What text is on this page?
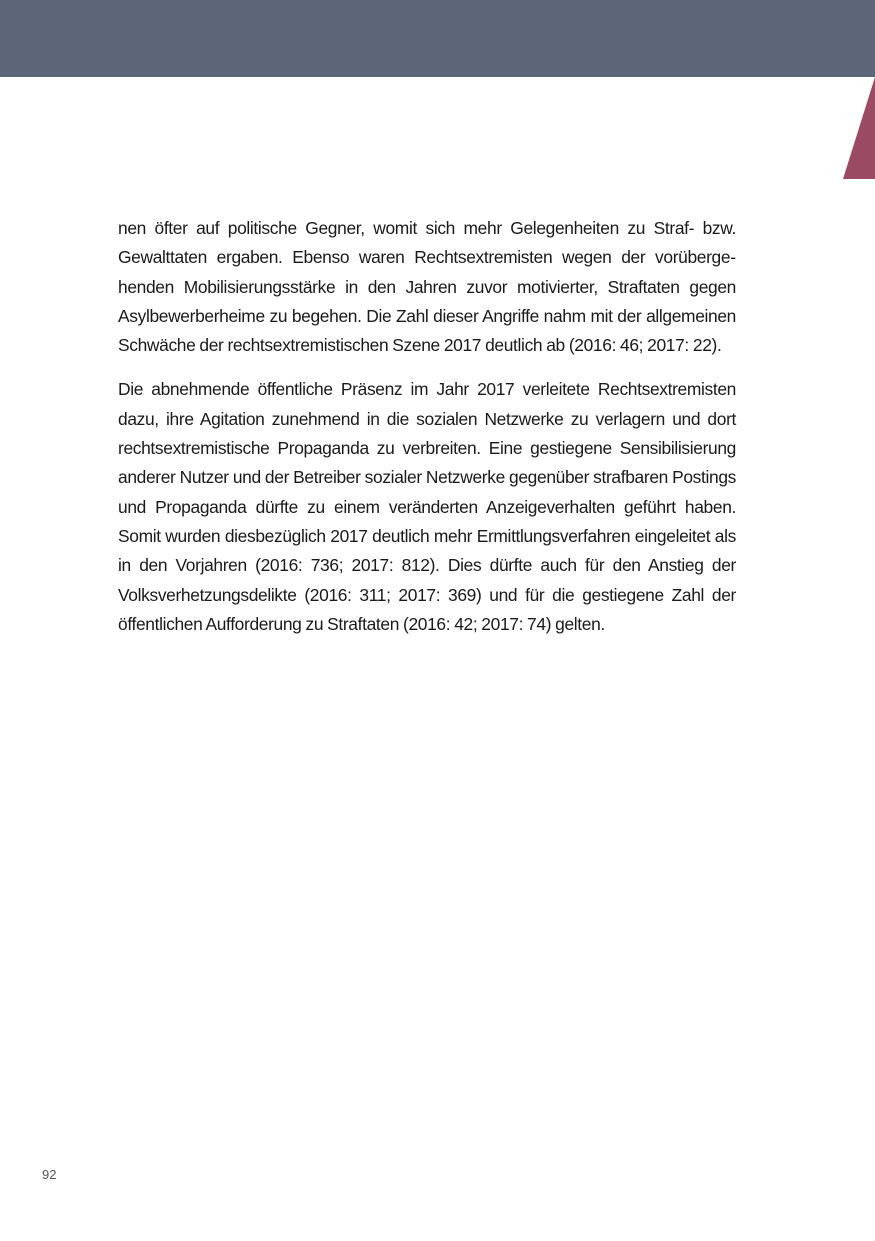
nen öfter auf politische Gegner, womit sich mehr Gelegenheiten zu Straf- bzw. Gewalttaten ergaben. Ebenso waren Rechtsextremisten wegen der vorübergehenden Mobilisierungsstärke in den Jahren zuvor motivierter, Straftaten gegen Asylbewerberheime zu begehen. Die Zahl dieser Angriffe nahm mit der allgemeinen Schwäche der rechtsextremistischen Szene 2017 deutlich ab (2016: 46; 2017: 22).

Die abnehmende öffentliche Präsenz im Jahr 2017 verleitete Rechtsextremisten dazu, ihre Agitation zunehmend in die sozialen Netzwerke zu verlagern und dort rechtsextremistische Propaganda zu verbreiten. Eine gestiegene Sensibilisierung anderer Nutzer und der Betreiber sozialer Netzwerke gegenüber strafbaren Postings und Propaganda dürfte zu einem veränderten Anzeigeverhalten geführt haben. Somit wurden diesbezüglich 2017 deutlich mehr Ermittlungsverfahren eingeleitet als in den Vorjahren (2016: 736; 2017: 812). Dies dürfte auch für den Anstieg der Volksverhetzungsdelikte (2016: 311; 2017: 369) und für die gestiegene Zahl der öffentlichen Aufforderung zu Straftaten (2016: 42; 2017: 74) gelten.

92
